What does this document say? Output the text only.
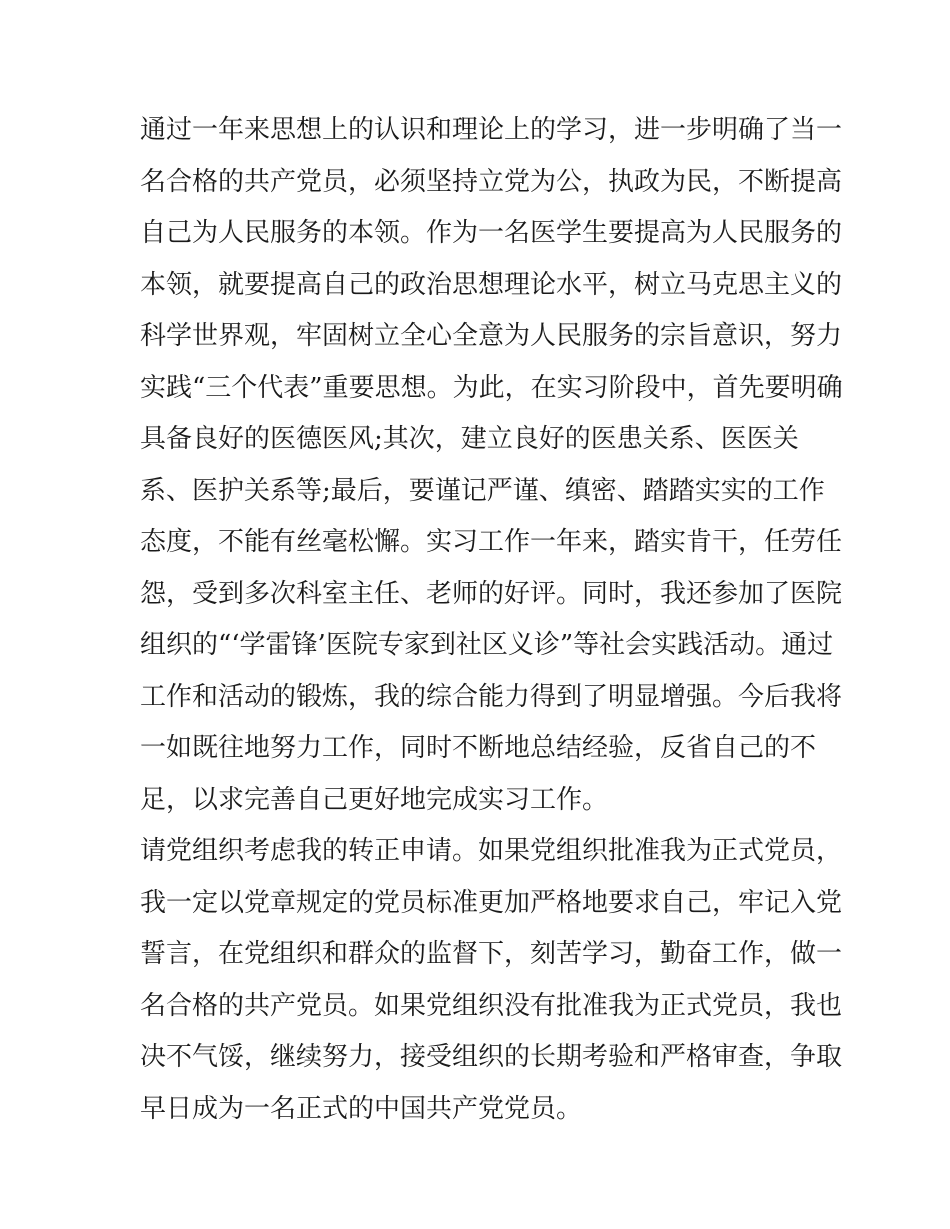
通过一年来思想上的认识和理论上的学习，进一步明确了当一
名合格的共产党员，必须坚持立党为公，执政为民，不断提高
自己为人民服务的本领。作为一名医学生要提高为人民服务的
本领，就要提高自己的政治思想理论水平，树立马克思主义的
科学世界观，牢固树立全心全意为人民服务的宗旨意识，努力
实践“三个代表”重要思想。为此，在实习阶段中，首先要明确
具备良好的医德医风;其次，建立良好的医患关系、医医关
系、医护关系等;最后，要谨记严谨、缜密、踏踏实实的工作
态度，不能有丝毫松懈。实习工作一年来，踏实肯干，任劳任
怨，受到多次科室主任、老师的好评。同时，我还参加了医院
组织的“‘学雷锋’医院专家到社区义诊”等社会实践活动。通过
工作和活动的锻炼，我的综合能力得到了明显增强。今后我将
一如既往地努力工作，同时不断地总结经验，反省自己的不
足，以求完善自己更好地完成实习工作。
请党组织考虑我的转正申请。如果党组织批准我为正式党员，
我一定以党章规定的党员标准更加严格地要求自己，牢记入党
誓言，在党组织和群众的监督下，刻苦学习，勤奋工作，做一
名合格的共产党员。如果党组织没有批准我为正式党员，我也
决不气馁，继续努力，接受组织的长期考验和严格审查，争取
早日成为一名正式的中国共产党党员。
